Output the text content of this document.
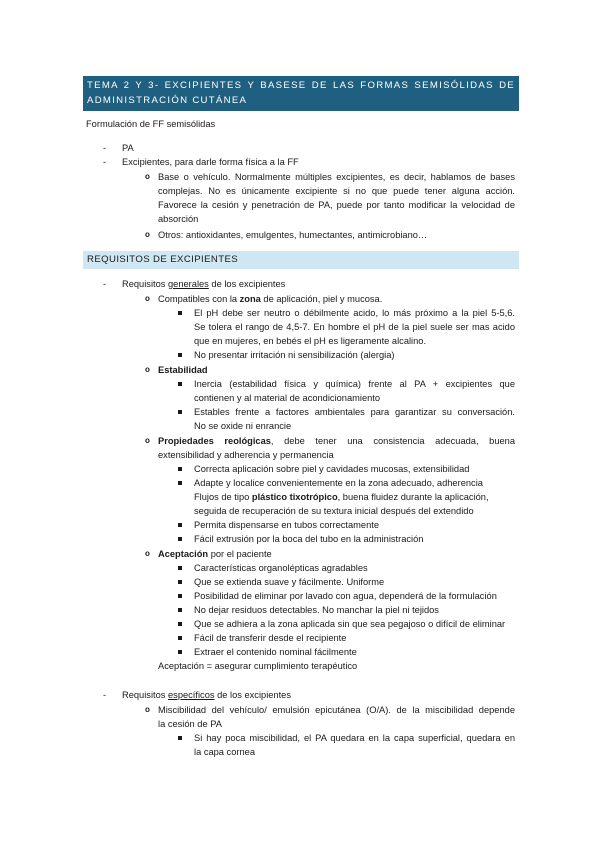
TEMA 2 Y 3- EXCIPIENTES Y BASESE DE LAS FORMAS SEMISÓLIDAS DE ADMINISTRACIÓN CUTÁNEA
Formulación de FF semisólidas
- PA
- Excipientes, para darle forma física a la FF
o Base o vehículo. Normalmente múltiples excipientes, es decir, hablamos de bases
complejas. No es únicamente excipiente si no que puede tener alguna acción.
Favorece la cesión y penetración de PA, puede por tanto modificar la velocidad de
absorción
o Otros: antioxidantes, emulgentes, humectantes, antimicrobiano…
REQUISITOS DE EXCIPIENTES
- Requisitos generales de los excipientes
o Compatibles con la zona de aplicación, piel y mucosa.
El pH debe ser neutro o débilmente acido, lo más próximo a la piel 5-5,6.
Se tolera el rango de 4,5-7. En hombre el pH de la piel suele ser mas acido
que en mujeres, en bebés el pH es ligeramente alcalino.
No presentar irritación ni sensibilización (alergia)
o Estabilidad
Inercia (estabilidad física y química) frente al PA + excipientes que
contienen y al material de acondicionamiento
Estables frente a factores ambientales para garantizar su conversación.
No se oxide ni enrancie
o Propiedades reológicas, debe tener una consistencia adecuada, buena
extensibilidad y adherencia y permanencia
Correcta aplicación sobre piel y cavidades mucosas, extensibilidad
Adapte y localice convenientemente en la zona adecuado, adherencia
Flujos de tipo plástico tixotrópico, buena fluidez durante la aplicación,
seguida de recuperación de su textura inicial después del extendido
Permita dispensarse en tubos correctamente
Fácil extrusión por la boca del tubo en la administración
o Aceptación por el paciente
Características organolépticas agradables
Que se extienda suave y fácilmente. Uniforme
Posibilidad de eliminar por lavado con agua, dependerá de la formulación
No dejar residuos detectables. No manchar la piel ni tejidos
Que se adhiera a la zona aplicada sin que sea pegajoso o difícil de eliminar
Fácil de transferir desde el recipiente
Extraer el contenido nominal fácilmente
Aceptación = asegurar cumplimiento terapéutico
- Requisitos específicos de los excipientes
o Miscibilidad del vehículo/ emulsión epicutánea (O/A). de la miscibilidad depende
la cesión de PA
Si hay poca miscibilidad, el PA quedara en la capa superficial, quedara en
la capa cornea
